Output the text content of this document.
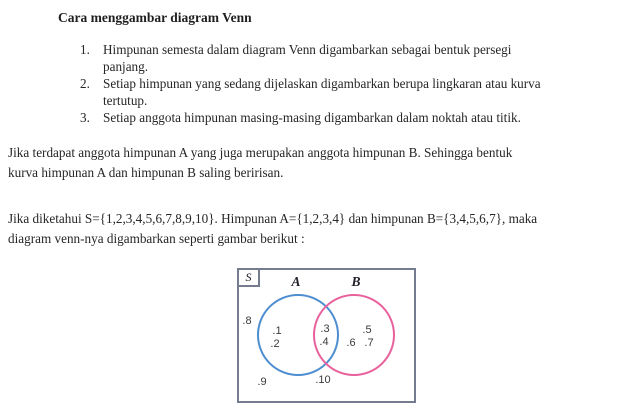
Cara menggambar diagram Venn
1. Himpunan semesta dalam diagram Venn digambarkan sebagai bentuk persegi
panjang.
2. Setiap himpunan yang sedang dijelaskan digambarkan berupa lingkaran atau kurva
tertutup.
3. Setiap anggota himpunan masing-masing digambarkan dalam noktah atau titik.
Jika terdapat anggota himpunan A yang juga merupakan anggota himpunan B. Sehingga bentuk
kurva himpunan A dan himpunan B saling beririsan.
Jika diketahui S={1,2,3,4,5,6,7,8,9,10}. Himpunan A={1,2,3,4} dan himpunan B={3,4,5,6,7}, maka
diagram venn-nya digambarkan seperti gambar berikut :
S	A	B
.8
.1
.2
.3
.4
.5
.6 .7
.9	.10
